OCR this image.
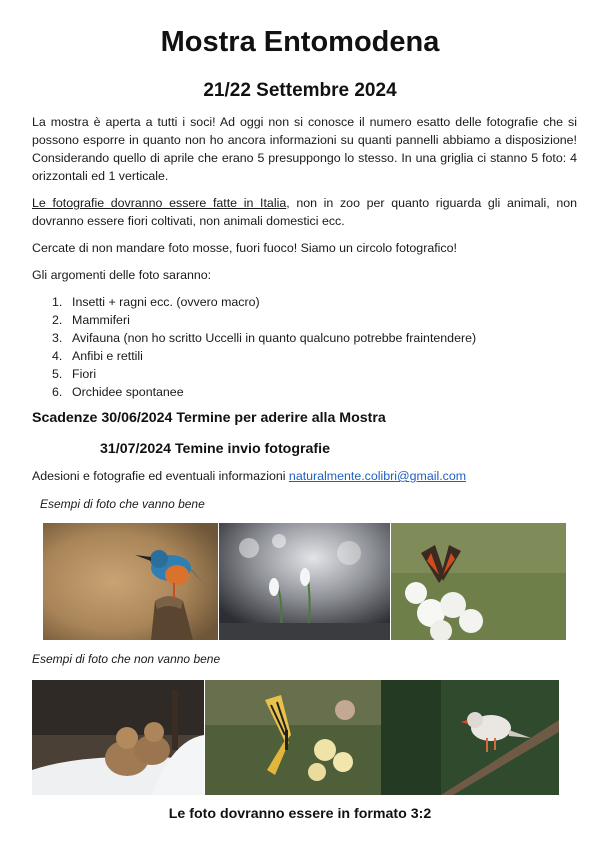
Mostra Entomodena
21/22 Settembre 2024

La mostra è aperta a tutti i soci! Ad oggi non si conosce il numero esatto delle fotografie che si possono esporre in quanto non ho ancora informazioni su quanti pannelli abbiamo a disposizione! Considerando quello di aprile che erano 5 presuppongo lo stesso. In una griglia ci stanno 5 foto: 4 orizzontali ed 1 verticale.

Le fotografie dovranno essere fatte in Italia, non in zoo per quanto riguarda gli animali, non dovranno essere fiori coltivati, non animali domestici ecc.

Cercate di non mandare foto mosse, fuori fuoco! Siamo un circolo fotografico!

Gli argomenti delle foto saranno:

1. Insetti + ragni ecc. (ovvero macro)
2. Mammiferi
3. Avifauna (non ho scritto Uccelli in quanto qualcuno potrebbe fraintendere)
4. Anfibi e rettili
5. Fiori
6. Orchidee spontanee

Scadenze 30/06/2024 Termine per aderire alla Mostra

31/07/2024 Temine invio fotografie

Adesioni e fotografie ed eventuali informazioni naturalmente.colibri@gmail.com

Esempi di foto che vanno bene

Esempi di foto che non vanno bene

Le foto dovranno essere in formato 3:2
